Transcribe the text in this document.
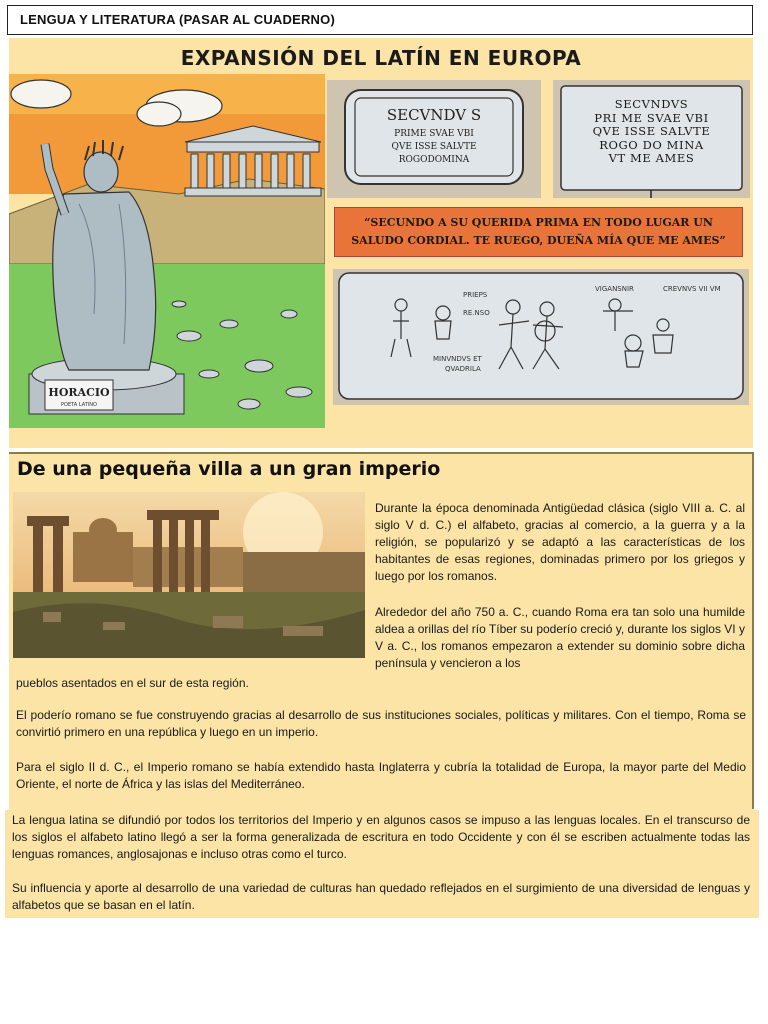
LENGUA Y LITERATURA (PASAR AL CUADERNO)
EXPANSIÓN DEL LATÍN EN EUROPA
HORACIO
POETA LATINO
SECVNDV S
PRIME SVAE VBI
QVE ISSE SALVTE
ROGODOMINA
SECVNDVS
PRI ME SVAE VBI
QVE ISSE SALVTE
ROGO DO MINA
VT ME AMES
“SECUNDO A SU QUERIDA PRIMA EN TODO LUGAR UN SALUDO CORDIAL. TE RUEGO, DUEÑA MÍA QUE ME AMES”
PRIEPS
RE.NSO
MINVNDVS ET
QVADRILA
VIGANSNIR	CREVNVS VII VM
De una pequeña villa a un gran imperio

Durante la época denominada Antigüedad clásica (siglo VIII a. C. al siglo V d. C.) el alfabeto, gracias al comercio, a la guerra y a la religión, se popularizó y se adaptó a las características de los habitantes de esas regiones, dominadas primero por los griegos y luego por los romanos.

Alrededor del año 750 a. C., cuando Roma era tan solo una humilde aldea a orillas del río Tíber su poderío creció y, durante los siglos VI y V a. C., los romanos empezaron a extender su dominio sobre dicha península y vencieron a los

pueblos asentados en el sur de esta región.

El poderío romano se fue construyendo gracias al desarrollo de sus instituciones sociales, políticas y militares. Con el tiempo, Roma se convirtió primero en una república y luego en un imperio.

Para el siglo II d. C., el Imperio romano se había extendido hasta Inglaterra y cubría la totalidad de Europa, la mayor parte del Medio Oriente, el norte de África y las islas del Mediterráneo.

La lengua latina se difundió por todos los territorios del Imperio y en algunos casos se impuso a las lenguas locales. En el transcurso de los siglos el alfabeto latino llegó a ser la forma generalizada de escritura en todo Occidente y con él se escriben actualmente todas las lenguas romances, anglosajonas e incluso otras como el turco.

Su influencia y aporte al desarrollo de una variedad de culturas han quedado reflejados en el surgimiento de una diversidad de lenguas y alfabetos que se basan en el latín.
